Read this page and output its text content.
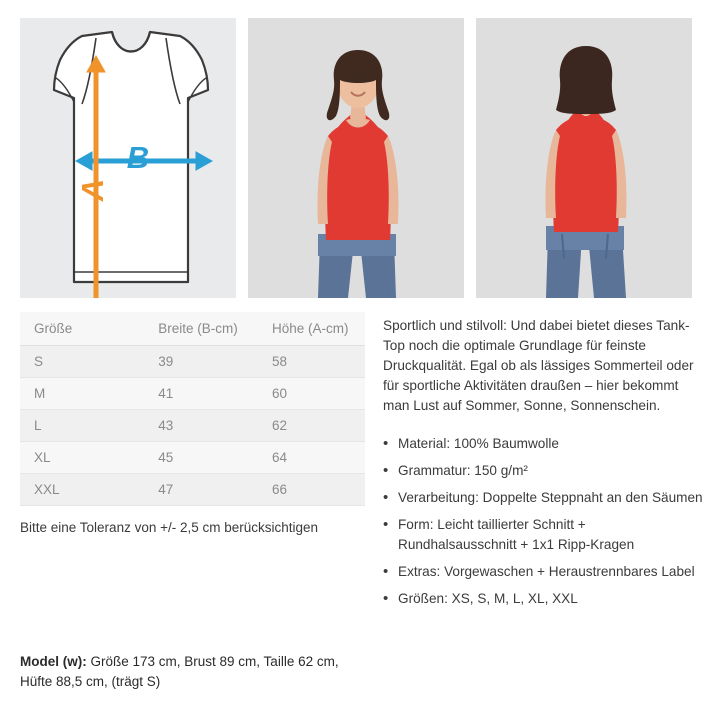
B
A
Größe	Breite (B-cm)	Höhe (A-cm)
S	39	58
M	41	60
L	43	62
XL	45	64
XXL	47	66
Bitte eine Toleranz von +/- 2,5 cm berücksichtigen

Sportlich und stilvoll: Und dabei bietet dieses Tank-Top noch die optimale Grundlage für feinste Druckqualität. Egal ob als lässiges Sommerteil oder für sportliche Aktivitäten draußen – hier bekommt man Lust auf Sommer, Sonne, Sonnenschein.

• Material: 100% Baumwolle
• Grammatur: 150 g/m²
• Verarbeitung: Doppelte Steppnaht an den Säumen
• Form: Leicht taillierter Schnitt + Rundhalsausschnitt + 1x1 Ripp-Kragen
• Extras: Vorgewaschen + Heraustrennbares Label
• Größen: XS, S, M, L, XL, XXL
Model (w): Größe 173 cm, Brust 89 cm, Taille 62 cm, Hüfte 88,5 cm, (trägt S)
